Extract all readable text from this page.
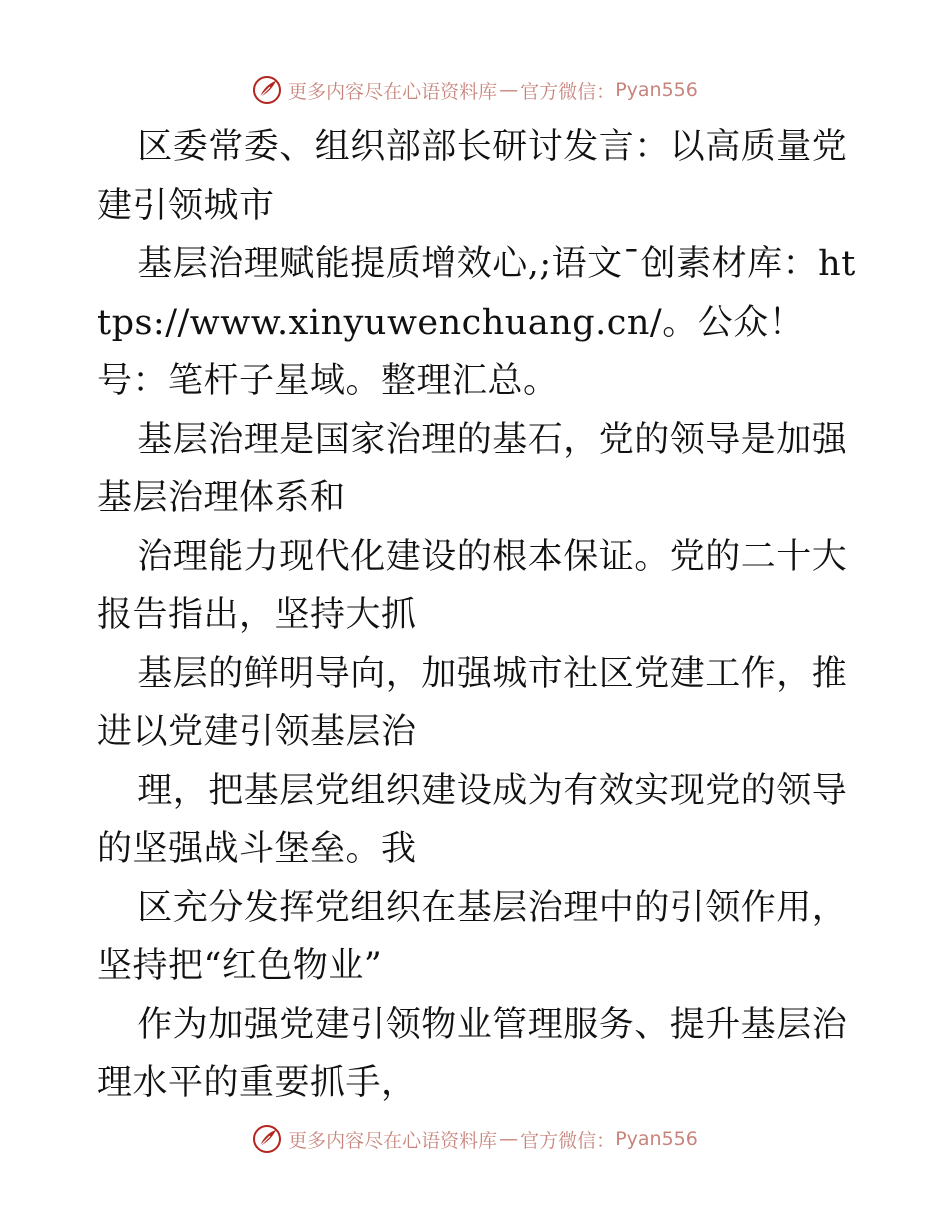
更多内容尽在心语资料库 — 官方微信： Pyan556

区委常委、组织部部长研讨发言：以高质量党建引领城市

基层治理赋能提质增效心,;语文¯创素材库：https://www.xinyuwenchuang.cn/。公众！号：笔杆子星域。整理汇总。

基层治理是国家治理的基石，党的领导是加强基层治理体系和

治理能力现代化建设的根本保证。党的二十大报告指出，坚持大抓

基层的鲜明导向，加强城市社区党建工作，推进以党建引领基层治

理，把基层党组织建设成为有效实现党的领导的坚强战斗堡垒。我

区充分发挥党组织在基层治理中的引领作用，坚持把“红色物业”

作为加强党建引领物业管理服务、提升基层治理水平的重要抓手，

更多内容尽在心语资料库 — 官方微信： Pyan556
